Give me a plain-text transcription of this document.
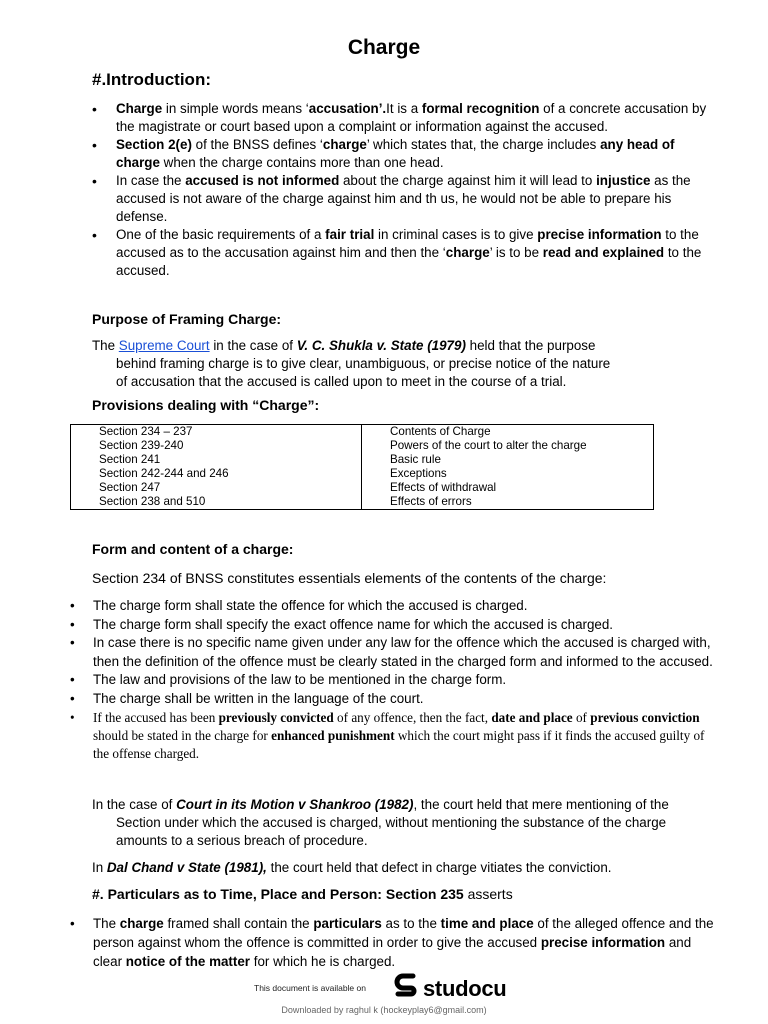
Charge
#.Introduction:
• Charge in simple words means ‘accusation’.It is a formal recognition of a concrete accusation by the magistrate or court based upon a complaint or information against the accused.
• Section 2(e) of the BNSS defines ‘charge’ which states that, the charge includes any head of charge when the charge contains more than one head.
• In case the accused is not informed about the charge against him it will lead to injustice as the accused is not aware of the charge against him and th us, he would not be able to prepare his defense.
• One of the basic requirements of a fair trial in criminal cases is to give precise information to the accused as to the accusation against him and then the ‘charge’ is to be read and explained to the accused.
Purpose of Framing Charge:

The Supreme Court in the case of V. C. Shukla v. State (1979) held that the purpose
behind framing charge is to give clear, unambiguous, or precise notice of the nature
of accusation that the accused is called upon to meet in the course of a trial.

Provisions dealing with “Charge”:
Section 234 – 237	Contents of Charge
Section 239-240	Powers of the court to alter the charge
Section 241	Basic rule
Section 242-244 and 246	Exceptions
Section 247	Effects of withdrawal
Section 238 and 510	Effects of errors
Form and content of a charge:

Section 234 of BNSS constitutes essentials elements of the contents of the charge:

• The charge form shall state the offence for which the accused is charged.
• The charge form shall specify the exact offence name for which the accused is charged.
• In case there is no specific name given under any law for the offence which the accused is charged with, then the definition of the offence must be clearly stated in the charged form and informed to the accused.
• The law and provisions of the law to be mentioned in the charge form.
• The charge shall be written in the language of the court.
• If the accused has been previously convicted of any offence, then the fact, date and place of previous conviction should be stated in the charge for enhanced punishment which the court might pass if it finds the accused guilty of the offense charged.

In the case of Court in its Motion v Shankroo (1982), the court held that mere mentioning of the
Section under which the accused is charged, without mentioning the substance of the charge
amounts to a serious breach of procedure.

In Dal Chand v State (1981), the court held that defect in charge vitiates the conviction.

#. Particulars as to Time, Place and Person: Section 235 asserts

• The charge framed shall contain the particulars as to the time and place of the alleged offence and the person against whom the offence is committed in order to give the accused precise information and clear notice of the matter for which he is charged.
This document is available on	studocu
Downloaded by raghul k (hockeyplay6@gmail.com)
